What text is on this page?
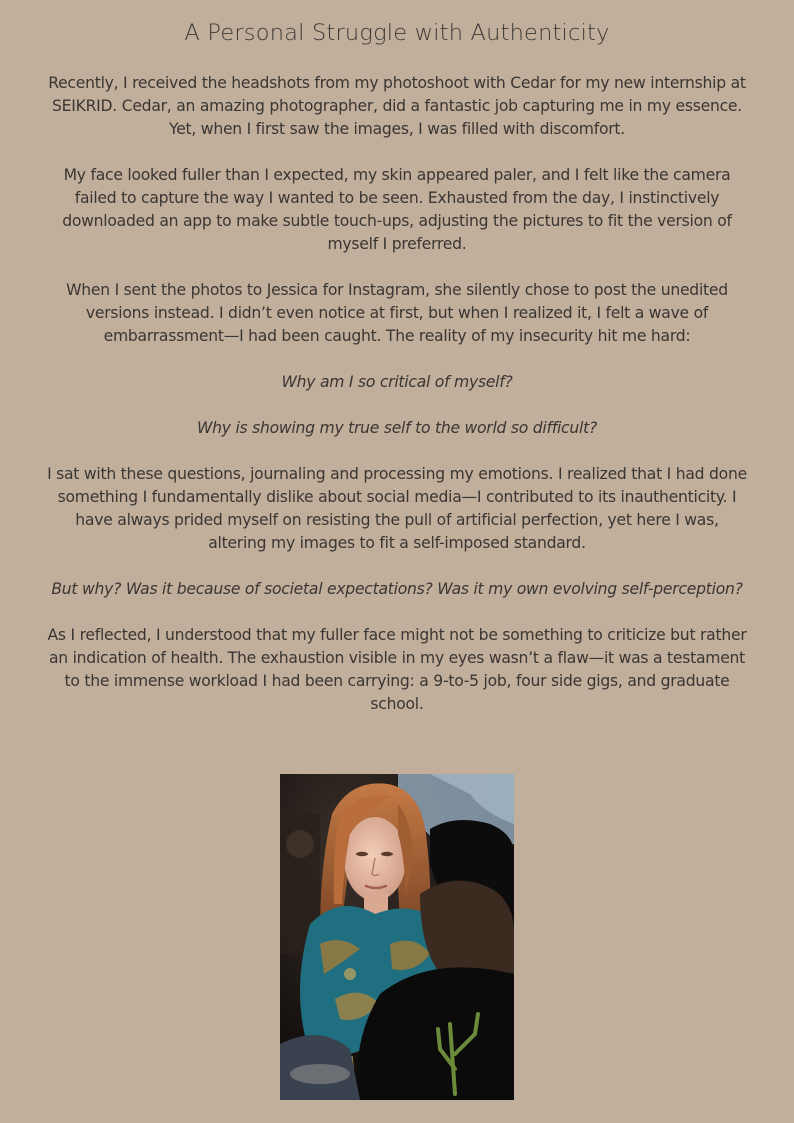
A Personal Struggle with Authenticity

Recently, I received the headshots from my photoshoot with Cedar for my new internship at SEIKRID. Cedar, an amazing photographer, did a fantastic job capturing me in my essence. Yet, when I first saw the images, I was filled with discomfort.

My face looked fuller than I expected, my skin appeared paler, and I felt like the camera failed to capture the way I wanted to be seen. Exhausted from the day, I instinctively downloaded an app to make subtle touch-ups, adjusting the pictures to fit the version of myself I preferred.

When I sent the photos to Jessica for Instagram, she silently chose to post the unedited versions instead. I didn’t even notice at first, but when I realized it, I felt a wave of embarrassment—I had been caught. The reality of my insecurity hit me hard:

Why am I so critical of myself?

Why is showing my true self to the world so difficult?

I sat with these questions, journaling and processing my emotions. I realized that I had done something I fundamentally dislike about social media—I contributed to its inauthenticity. I have always prided myself on resisting the pull of artificial perfection, yet here I was, altering my images to fit a self-imposed standard.

But why? Was it because of societal expectations? Was it my own evolving self-perception?

As I reflected, I understood that my fuller face might not be something to criticize but rather an indication of health. The exhaustion visible in my eyes wasn’t a flaw—it was a testament to the immense workload I had been carrying: a 9-to-5 job, four side gigs, and graduate school.
